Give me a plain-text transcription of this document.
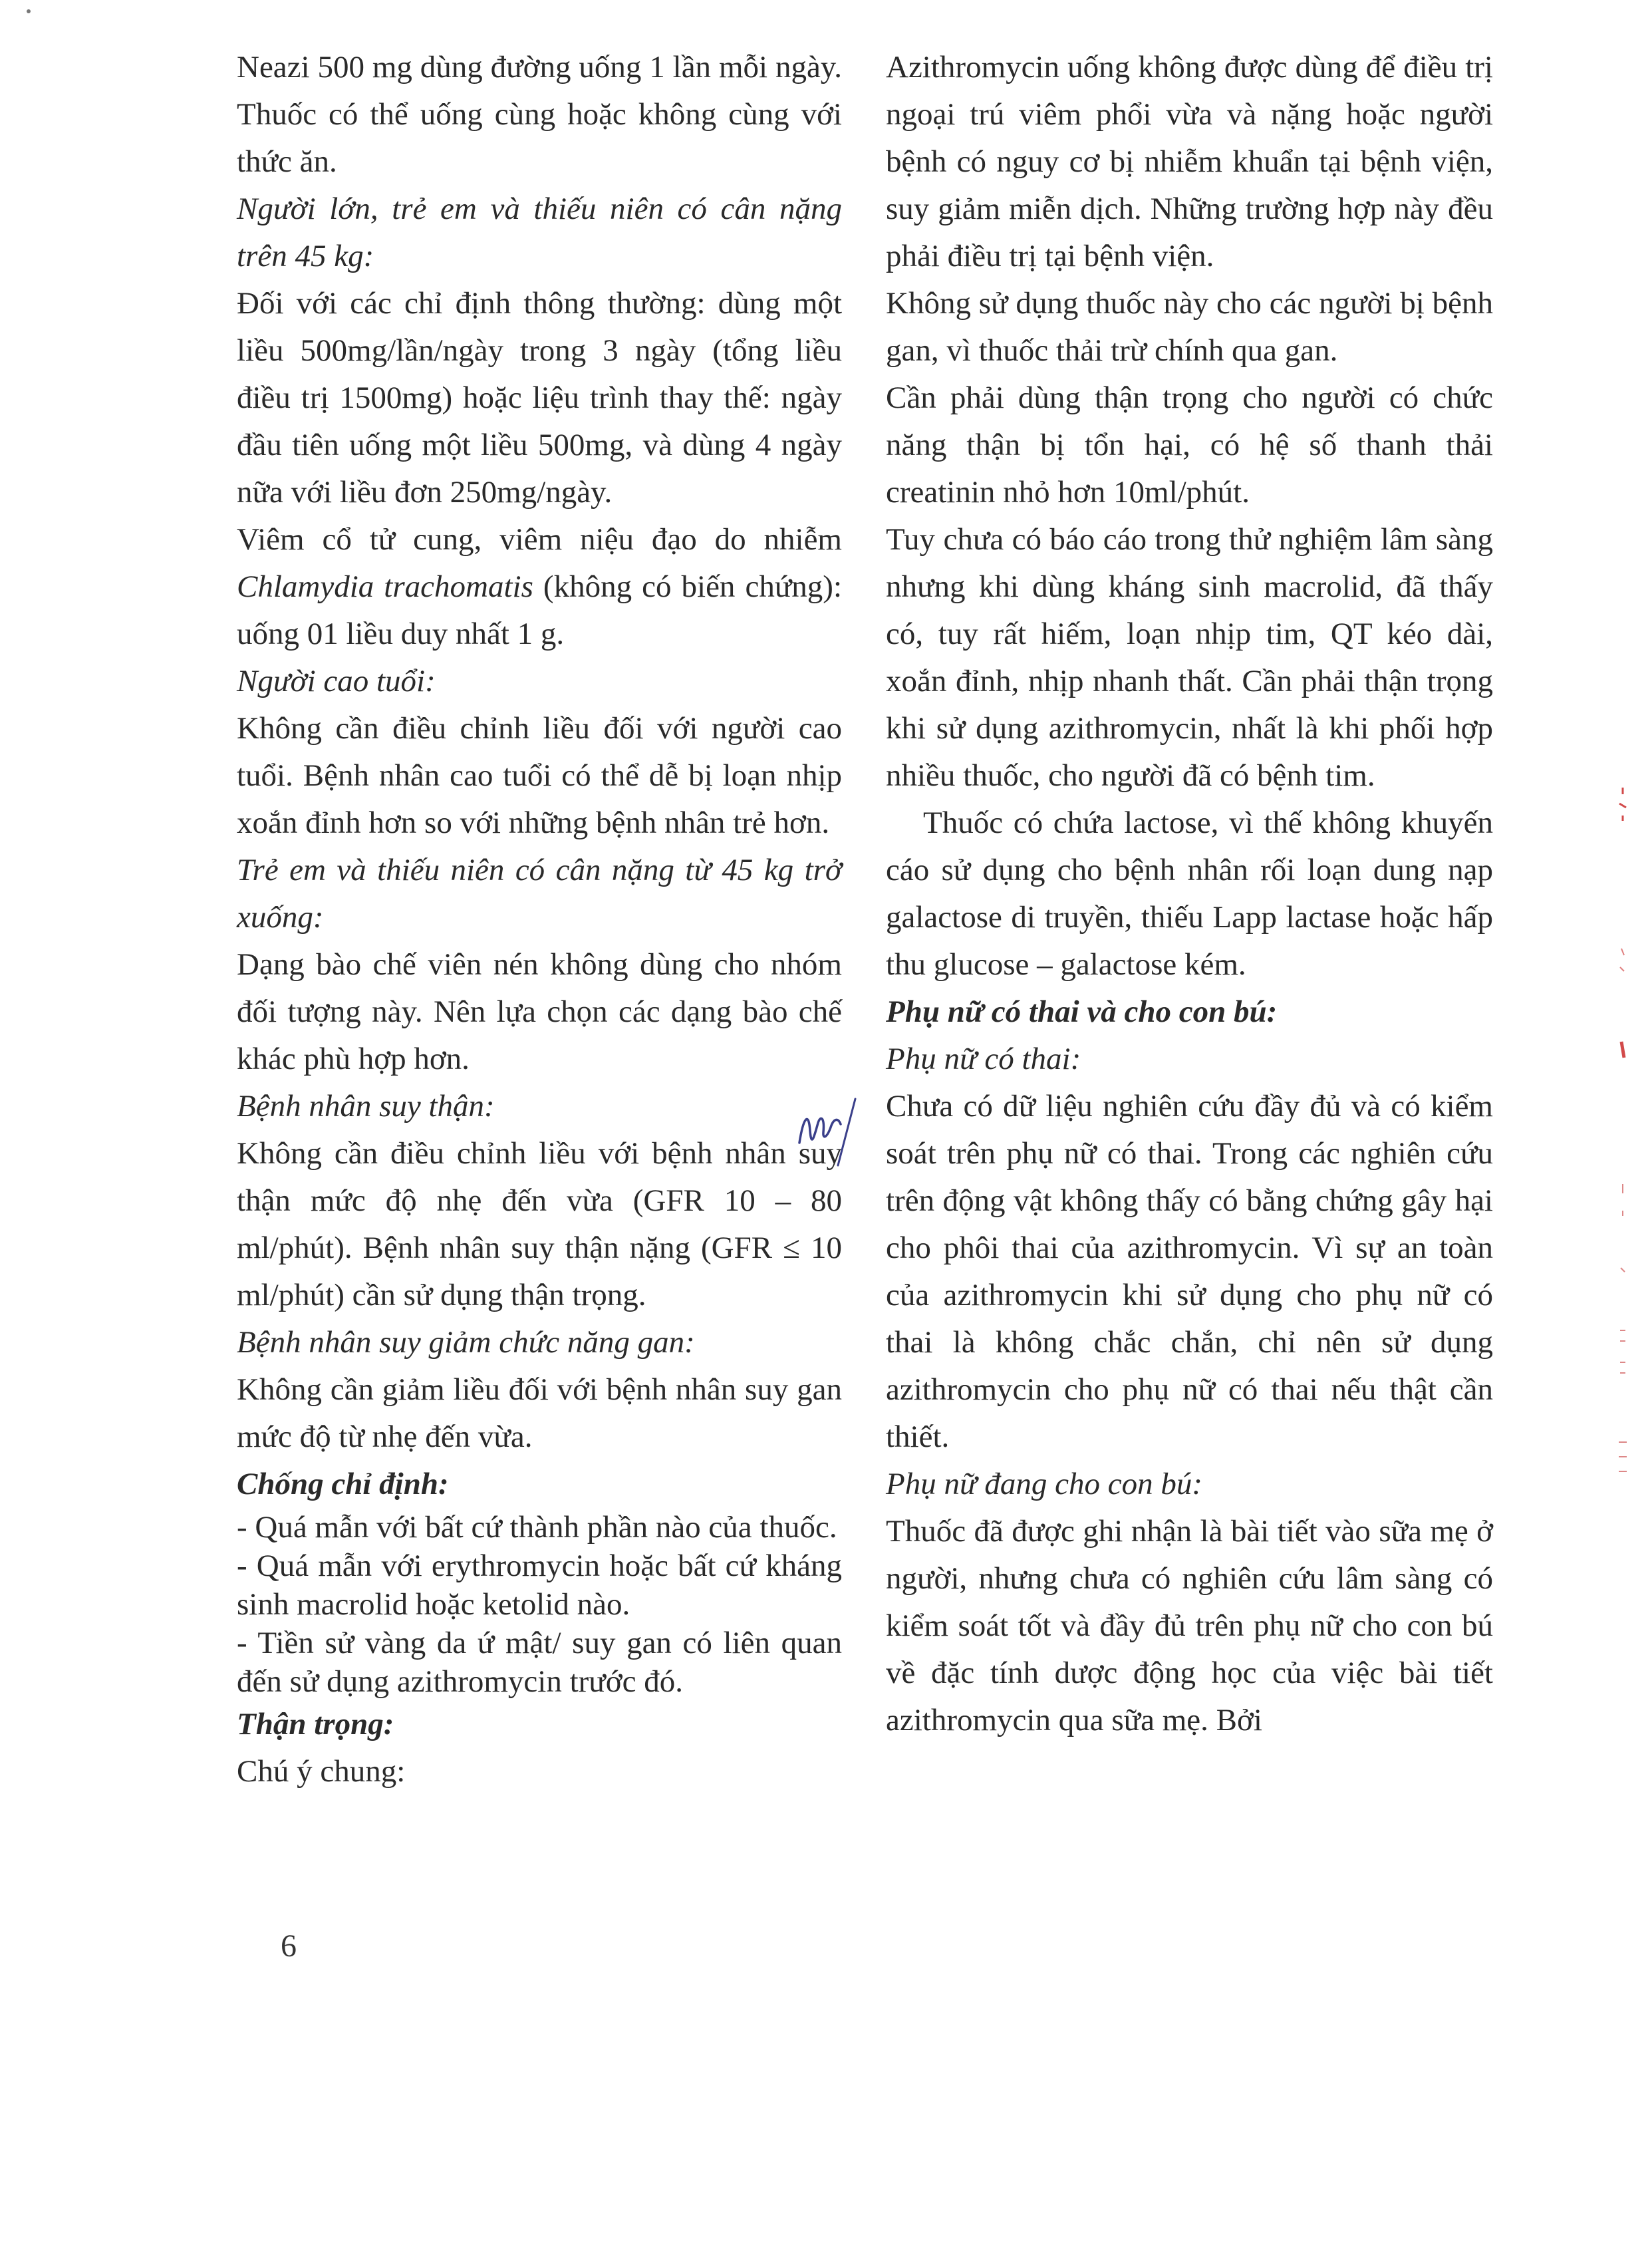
Neazi 500 mg dùng đường uống 1 lần mỗi ngày. Thuốc có thể uống cùng hoặc không cùng với thức ăn.

Người lớn, trẻ em và thiếu niên có cân nặng trên 45 kg:

Đối với các chỉ định thông thường: dùng một liều 500mg/lần/ngày trong 3 ngày (tổng liều điều trị 1500mg) hoặc liệu trình thay thế: ngày đầu tiên uống một liều 500mg, và dùng 4 ngày nữa với liều đơn 250mg/ngày.

Viêm cổ tử cung, viêm niệu đạo do nhiễm Chlamydia trachomatis (không có biến chứng): uống 01 liều duy nhất 1 g.

Người cao tuổi:

Không cần điều chỉnh liều đối với người cao tuổi. Bệnh nhân cao tuổi có thể dễ bị loạn nhịp xoắn đỉnh hơn so với những bệnh nhân trẻ hơn.

Trẻ em và thiếu niên có cân nặng từ 45 kg trở xuống:

Dạng bào chế viên nén không dùng cho nhóm đối tượng này. Nên lựa chọn các dạng bào chế khác phù hợp hơn.

Bệnh nhân suy thận:

Không cần điều chỉnh liều với bệnh nhân suy thận mức độ nhẹ đến vừa (GFR 10 – 80 ml/phút). Bệnh nhân suy thận nặng (GFR ≤ 10 ml/phút) cần sử dụng thận trọng.

Bệnh nhân suy giảm chức năng gan:

Không cần giảm liều đối với bệnh nhân suy gan mức độ từ nhẹ đến vừa.

Chống chỉ định:

- Quá mẫn với bất cứ thành phần nào của thuốc.

- Quá mẫn với erythromycin hoặc bất cứ kháng sinh macrolid hoặc ketolid nào.

- Tiền sử vàng da ứ mật/ suy gan có liên quan đến sử dụng azithromycin trước đó.

Thận trọng:

Chú ý chung:

Azithromycin uống không được dùng để điều trị ngoại trú viêm phổi vừa và nặng hoặc người bệnh có nguy cơ bị nhiễm khuẩn tại bệnh viện, suy giảm miễn dịch. Những trường hợp này đều phải điều trị tại bệnh viện.

Không sử dụng thuốc này cho các người bị bệnh gan, vì thuốc thải trừ chính qua gan.

Cần phải dùng thận trọng cho người có chức năng thận bị tổn hại, có hệ số thanh thải creatinin nhỏ hơn 10ml/phút.

Tuy chưa có báo cáo trong thử nghiệm lâm sàng nhưng khi dùng kháng sinh macrolid, đã thấy có, tuy rất hiếm, loạn nhịp tim, QT kéo dài, xoắn đỉnh, nhịp nhanh thất. Cần phải thận trọng khi sử dụng azithromycin, nhất là khi phối hợp nhiều thuốc, cho người đã có bệnh tim.

Thuốc có chứa lactose, vì thế không khuyến cáo sử dụng cho bệnh nhân rối loạn dung nạp galactose di truyền, thiếu Lapp lactase hoặc hấp thu glucose – galactose kém.

Phụ nữ có thai và cho con bú:

Phụ nữ có thai:

Chưa có dữ liệu nghiên cứu đầy đủ và có kiểm soát trên phụ nữ có thai. Trong các nghiên cứu trên động vật không thấy có bằng chứng gây hại cho phôi thai của azithromycin. Vì sự an toàn của azithromycin khi sử dụng cho phụ nữ có thai là không chắc chắn, chỉ nên sử dụng azithromycin cho phụ nữ có thai nếu thật cần thiết.

Phụ nữ đang cho con bú:

Thuốc đã được ghi nhận là bài tiết vào sữa mẹ ở người, nhưng chưa có nghiên cứu lâm sàng có kiểm soát tốt và đầy đủ trên phụ nữ cho con bú về đặc tính dược động học của việc bài tiết azithromycin qua sữa mẹ. Bởi

6
